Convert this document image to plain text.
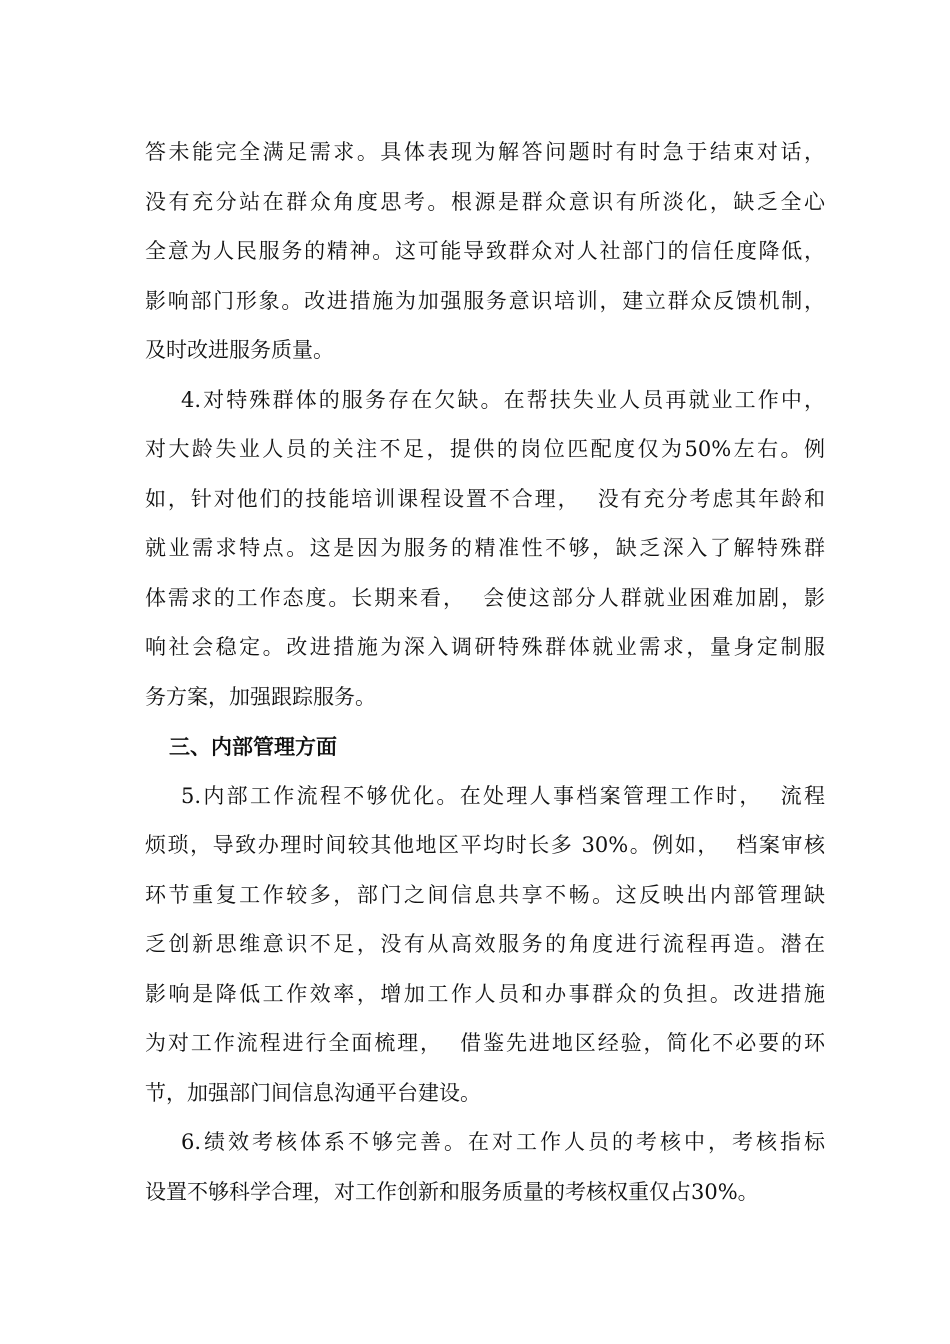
答未能完全满足需求。具体表现为解答问题时有时急于结束对话，
没有充分站在群众角度思考。根源是群众意识有所淡化，缺乏全心
全意为人民服务的精神。这可能导致群众对人社部门的信任度降低，
影响部门形象。改进措施为加强服务意识培训，建立群众反馈机制，
及时改进服务质量。
4.对特殊群体的服务存在欠缺。在帮扶失业人员再就业工作中，
对大龄失业人员的关注不足，提供的岗位匹配度仅为50%左右。例
如，针对他们的技能培训课程设置不合理，  没有充分考虑其年龄和
就业需求特点。这是因为服务的精准性不够，缺乏深入了解特殊群
体需求的工作态度。长期来看，  会使这部分人群就业困难加剧，影
响社会稳定。改进措施为深入调研特殊群体就业需求，量身定制服
务方案，加强跟踪服务。
三、内部管理方面
5.内部工作流程不够优化。在处理人事档案管理工作时，  流程
烦琐，导致办理时间较其他地区平均时长多 30%。例如，  档案审核
环节重复工作较多，部门之间信息共享不畅。这反映出内部管理缺
乏创新思维意识不足，没有从高效服务的角度进行流程再造。潜在
影响是降低工作效率，增加工作人员和办事群众的负担。改进措施
为对工作流程进行全面梳理，  借鉴先进地区经验，简化不必要的环
节，加强部门间信息沟通平台建设。
6.绩效考核体系不够完善。在对工作人员的考核中，考核指标
设置不够科学合理，对工作创新和服务质量的考核权重仅占30%。
